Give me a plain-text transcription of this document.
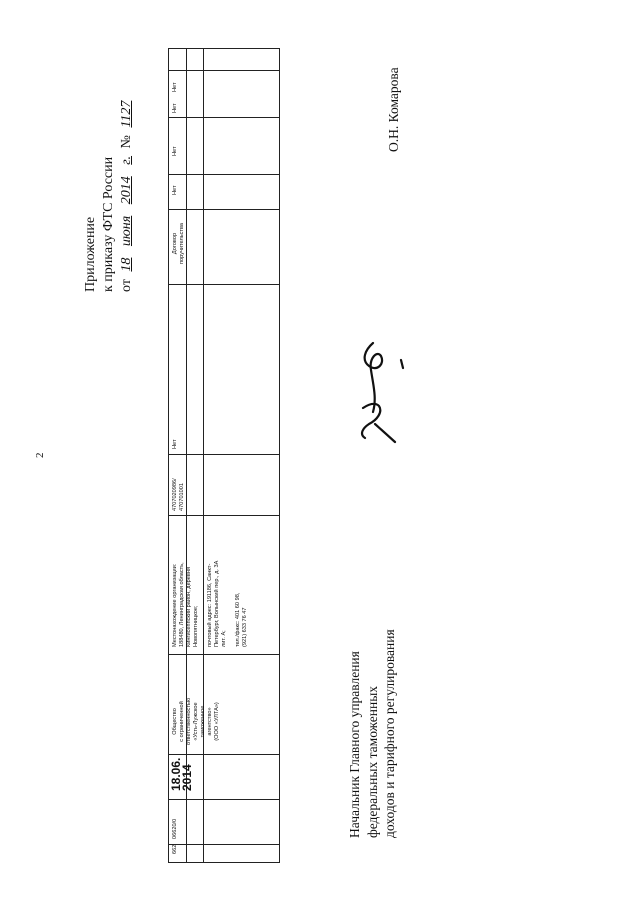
2
Приложение к приказу ФТС России от 18 июня 2014 г. № 1127
662
06620/0
18.06.
2014
Общество
с ограниченной
ответственностью
«Усть-Лужское
таможенное
агентство»
(ООО «УЛТА»)
Местонахождение организации:
188480, Ленинградская область,
Кингисеппский район, деревня
Новопятницкое;

почтовый адрес: 191186, Санкт-
Петербург, Волынский пер., д. 3А
лит. А;

тел./факс: 401 60 98,
(921) 633 76 47
4707020986/
470701001
Нет
Договор
поручительства
Нет
Нет
Нет
Нет
Начальник Главного управления федеральных таможенных доходов и тарифного регулирования
О.Н. Комарова
